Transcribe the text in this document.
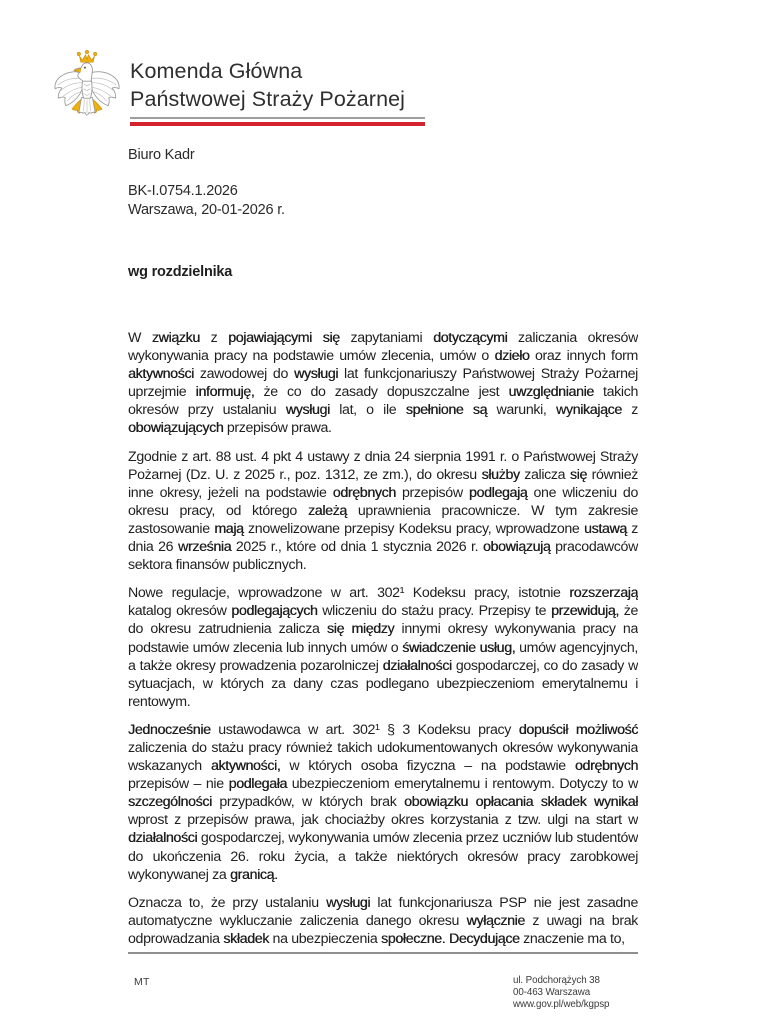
Komenda Główna
Państwowej Straży Pożarnej
Biuro Kadr
BK-I.0754.1.2026
Warszawa, 20-01-2026 r.
wg rozdzielnika

W związku z pojawiającymi się zapytaniami dotyczącymi zaliczania okresów wykonywania pracy na podstawie umów zlecenia, umów o dzieło oraz innych form aktywności zawodowej do wysługi lat funkcjonariuszy Państwowej Straży Pożarnej uprzejmie informuję, że co do zasady dopuszczalne jest uwzględnianie takich okresów przy ustalaniu wysługi lat, o ile spełnione są warunki, wynikające z obowiązujących przepisów prawa.

Zgodnie z art. 88 ust. 4 pkt 4 ustawy z dnia 24 sierpnia 1991 r. o Państwowej Straży Pożarnej (Dz. U. z 2025 r., poz. 1312, ze zm.), do okresu służby zalicza się również inne okresy, jeżeli na podstawie odrębnych przepisów podlegają one wliczeniu do okresu pracy, od którego zależą uprawnienia pracownicze. W tym zakresie zastosowanie mają znowelizowane przepisy Kodeksu pracy, wprowadzone ustawą z dnia 26 września 2025 r., które od dnia 1 stycznia 2026 r. obowiązują pracodawców sektora finansów publicznych.

Nowe regulacje, wprowadzone w art. 302¹ Kodeksu pracy, istotnie rozszerzają katalog okresów podlegających wliczeniu do stażu pracy. Przepisy te przewidują, że do okresu zatrudnienia zalicza się między innymi okresy wykonywania pracy na podstawie umów zlecenia lub innych umów o świadczenie usług, umów agencyjnych, a także okresy prowadzenia pozarolniczej działalności gospodarczej, co do zasady w sytuacjach, w których za dany czas podlegano ubezpieczeniom emerytalnemu i rentowym.

Jednocześnie ustawodawca w art. 302¹ § 3 Kodeksu pracy dopuścił możliwość zaliczenia do stażu pracy również takich udokumentowanych okresów wykonywania wskazanych aktywności, w których osoba fizyczna – na podstawie odrębnych przepisów – nie podlegała ubezpieczeniom emerytalnemu i rentowym. Dotyczy to w szczególności przypadków, w których brak obowiązku opłacania składek wynikał wprost z przepisów prawa, jak chociażby okres korzystania z tzw. ulgi na start w działalności gospodarczej, wykonywania umów zlecenia przez uczniów lub studentów do ukończenia 26. roku życia, a także niektórych okresów pracy zarobkowej wykonywanej za granicą.

Oznacza to, że przy ustalaniu wysługi lat funkcjonariusza PSP nie jest zasadne automatyczne wykluczanie zaliczenia danego okresu wyłącznie z uwagi na brak odprowadzania składek na ubezpieczenia społeczne. Decydujące znaczenie ma to,

MT	ul. Podchorążych 38
00-463 Warszawa
www.gov.pl/web/kgpsp
